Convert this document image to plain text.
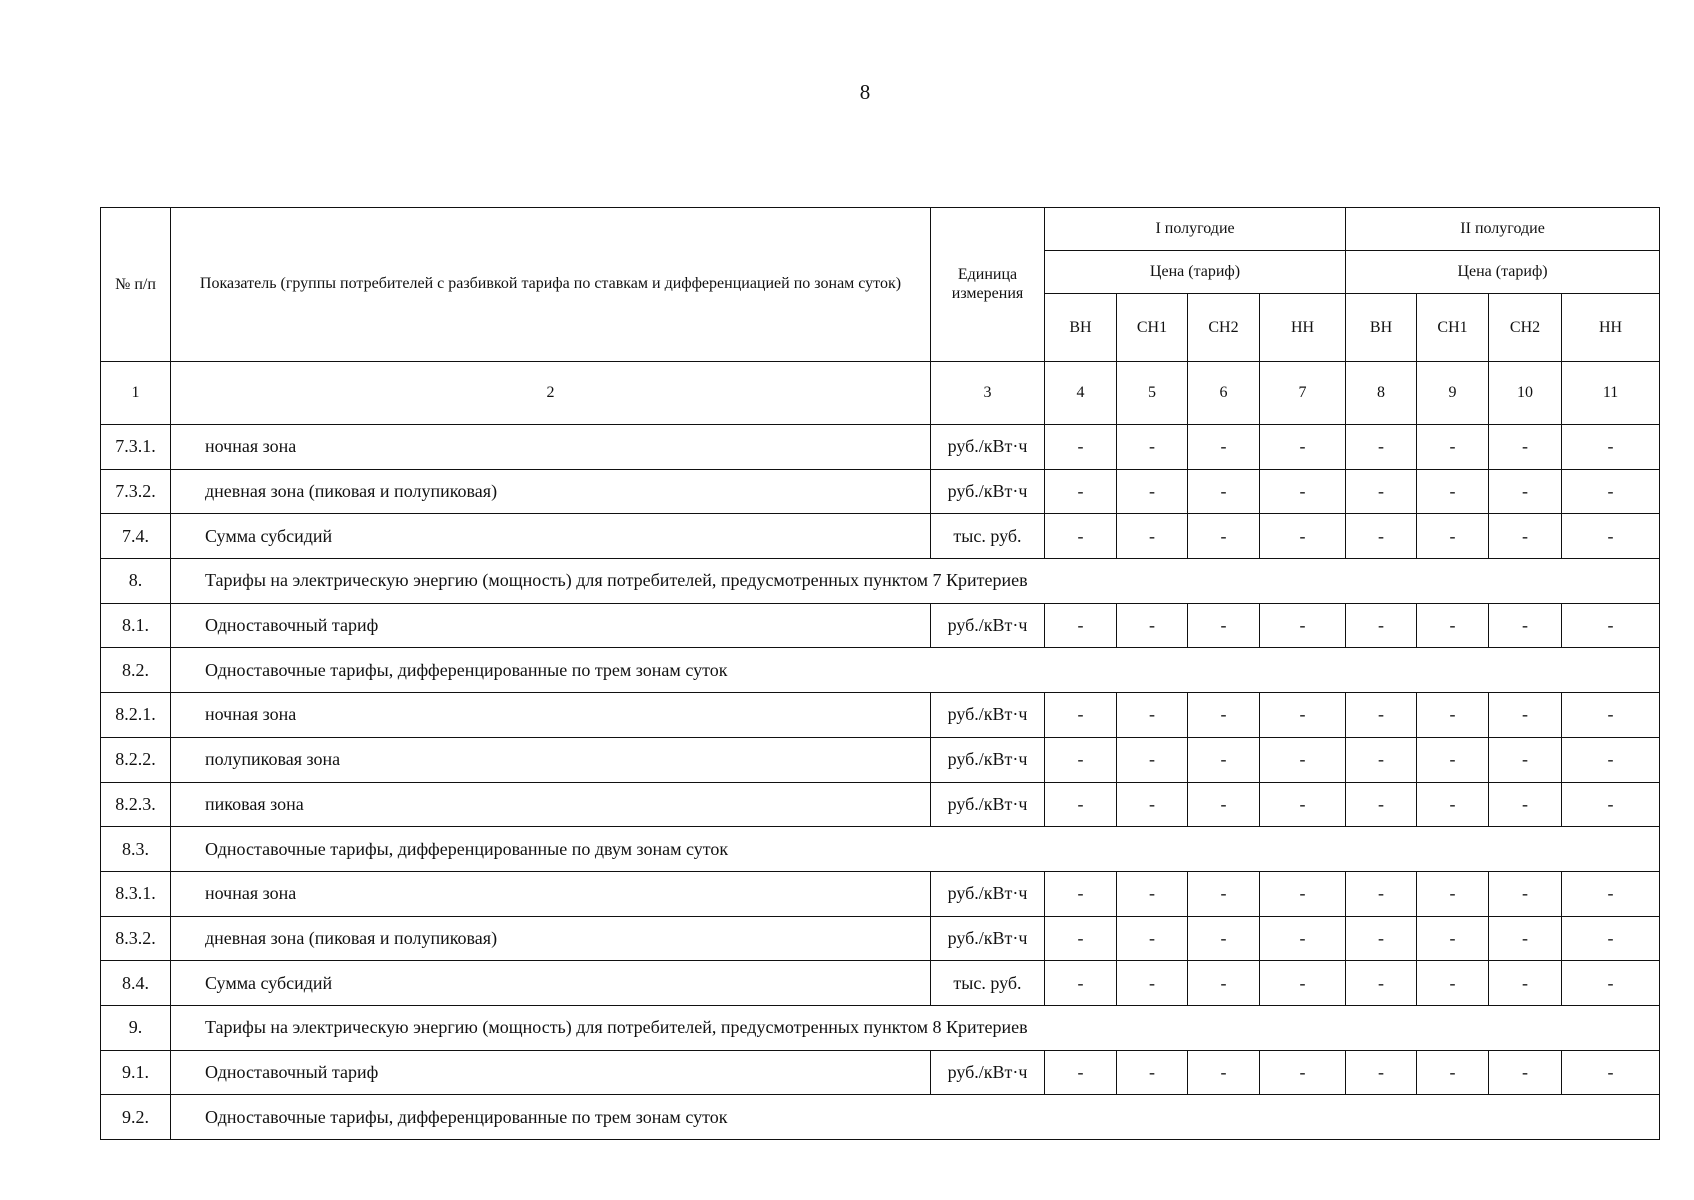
8
№ п/п	Показатель (группы потребителей с разбивкой тарифа по ставкам и дифференциацией по зонам суток)	Единица измерения	I полугодие				II полугодие			
			Цена (тариф)				Цена (тариф)			
			ВН	СН1	СН2	НН	ВН	СН1	СН2	НН
1	2	3	4	5	6	7	8	9	10	11
7.3.1.	ночная зона	руб./кВт·ч	-	-	-	-	-	-	-	-
7.3.2.	дневная зона (пиковая и полупиковая)	руб./кВт·ч	-	-	-	-	-	-	-	-
7.4.	Сумма субсидий	тыс. руб.	-	-	-	-	-	-	-	-
8.	Тарифы на электрическую энергию (мощность) для потребителей, предусмотренных пунктом 7 Критериев									
8.1.	Одноставочный тариф	руб./кВт·ч	-	-	-	-	-	-	-	-
8.2.	Одноставочные тарифы, дифференцированные по трем зонам суток									
8.2.1.	ночная зона	руб./кВт·ч	-	-	-	-	-	-	-	-
8.2.2.	полупиковая зона	руб./кВт·ч	-	-	-	-	-	-	-	-
8.2.3.	пиковая зона	руб./кВт·ч	-	-	-	-	-	-	-	-
8.3.	Одноставочные тарифы, дифференцированные по двум зонам суток									
8.3.1.	ночная зона	руб./кВт·ч	-	-	-	-	-	-	-	-
8.3.2.	дневная зона (пиковая и полупиковая)	руб./кВт·ч	-	-	-	-	-	-	-	-
8.4.	Сумма субсидий	тыс. руб.	-	-	-	-	-	-	-	-
9.	Тарифы на электрическую энергию (мощность) для потребителей, предусмотренных пунктом 8 Критериев									
9.1.	Одноставочный тариф	руб./кВт·ч	-	-	-	-	-	-	-	-
9.2.	Одноставочные тарифы, дифференцированные по трем зонам суток									
